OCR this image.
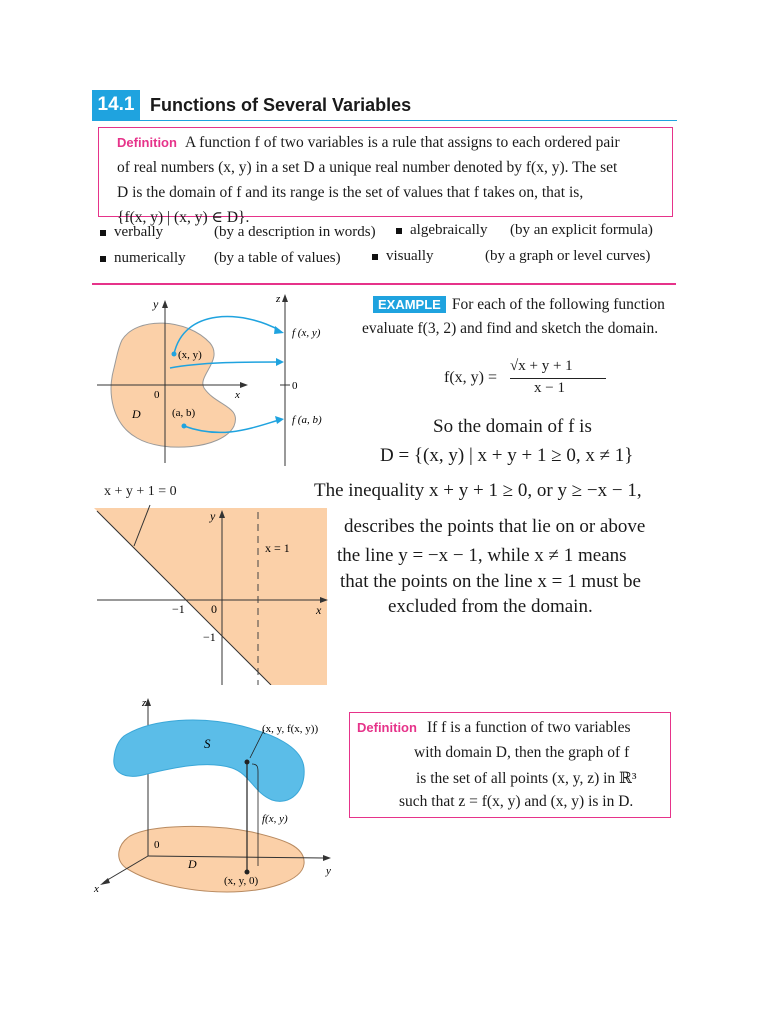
14.1 Functions of Several Variables

Definition A function f of two variables is a rule that assigns to each ordered pair

of real numbers (x, y) in a set D a unique real number denoted by f(x, y). The set

D is the domain of f and its range is the set of values that f takes on, that is,

{f(x, y) | (x, y) ∈ D}.

verbally	(by a description in words)	algebraically (by an explicit formula)
numerically (by a table of values)	visually	(by a graph or level curves)
y	z
x
0
0
(x, y)
(a, b)
D
f (x, y)
f (a, b)
EXAMPLE For each of the following function
evaluate f(3, 2) and find and sketch the domain.
f(x, y) =
√x + y + 1
x − 1
So the domain of f is
D = {(x, y) | x + y + 1 ≥ 0, x ≠ 1}
x + y + 1 = 0	The inequality x + y + 1 ≥ 0, or y ≥ −x − 1,
y
x
0
−1
−1
x = 1
describes the points that lie on or above
the line y = −x − 1, while x ≠ 1 means
that the points on the line x = 1 must be
excluded from the domain.
z
x
y
0
S
D
(x, y, f(x, y))
f(x, y)
(x, y, 0)
Definition If f is a function of two variables
with domain D, then the graph of f
is the set of all points (x, y, z) in ℝ³
such that z = f(x, y) and (x, y) is in D.
